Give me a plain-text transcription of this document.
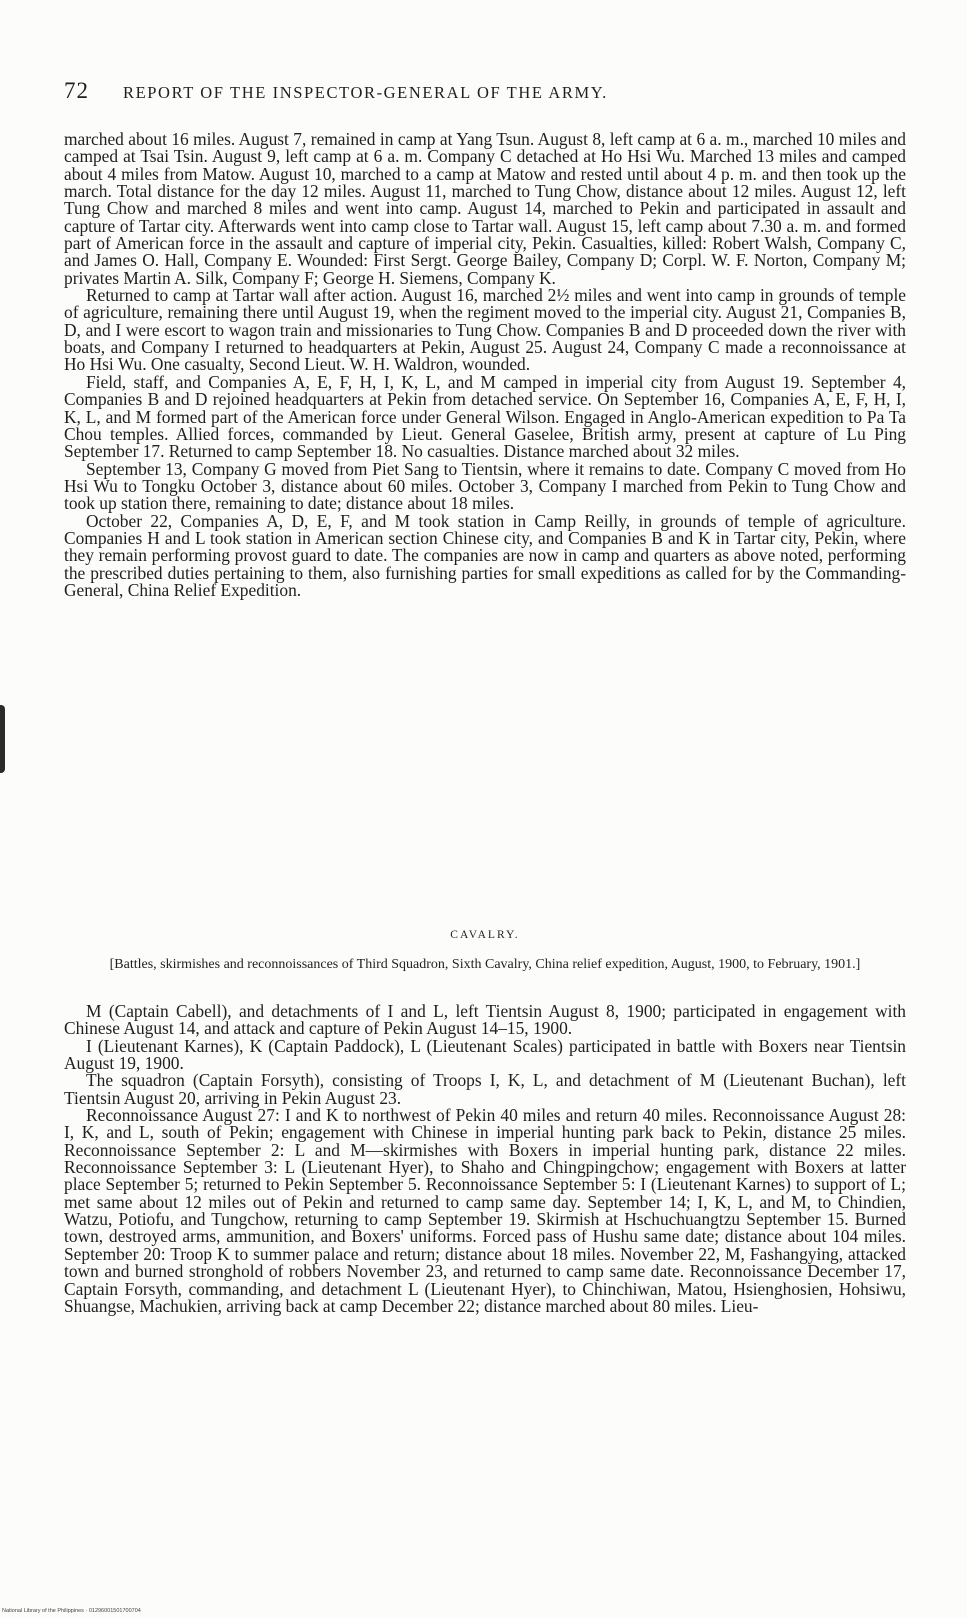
72 REPORT OF THE INSPECTOR-GENERAL OF THE ARMY.

marched about 16 miles. August 7, remained in camp at Yang Tsun. August 8, left camp at 6 a. m., marched 10 miles and camped at Tsai Tsin. August 9, left camp at 6 a. m. Company C detached at Ho Hsi Wu. Marched 13 miles and camped about 4 miles from Matow. August 10, marched to a camp at Matow and rested until about 4 p. m. and then took up the march. Total distance for the day 12 miles. August 11, marched to Tung Chow, distance about 12 miles. August 12, left Tung Chow and marched 8 miles and went into camp. August 14, marched to Pekin and participated in assault and capture of Tartar city. Afterwards went into camp close to Tartar wall. August 15, left camp about 7.30 a. m. and formed part of American force in the assault and capture of imperial city, Pekin. Casualties, killed: Robert Walsh, Company C, and James O. Hall, Company E. Wounded: First Sergt. George Bailey, Company D; Corpl. W. F. Norton, Company M; privates Martin A. Silk, Company F; George H. Siemens, Company K.

Returned to camp at Tartar wall after action. August 16, marched 2½ miles and went into camp in grounds of temple of agriculture, remaining there until August 19, when the regiment moved to the imperial city. August 21, Companies B, D, and I were escort to wagon train and missionaries to Tung Chow. Companies B and D proceeded down the river with boats, and Company I returned to headquarters at Pekin, August 25. August 24, Company C made a reconnoissance at Ho Hsi Wu. One casualty, Second Lieut. W. H. Waldron, wounded.

Field, staff, and Companies A, E, F, H, I, K, L, and M camped in imperial city from August 19. September 4, Companies B and D rejoined headquarters at Pekin from detached service. On September 16, Companies A, E, F, H, I, K, L, and M formed part of the American force under General Wilson. Engaged in Anglo-American expedition to Pa Ta Chou temples. Allied forces, commanded by Lieut. General Gaselee, British army, present at capture of Lu Ping September 17. Returned to camp September 18. No casualties. Distance marched about 32 miles.

September 13, Company G moved from Piet Sang to Tientsin, where it remains to date. Company C moved from Ho Hsi Wu to Tongku October 3, distance about 60 miles. October 3, Company I marched from Pekin to Tung Chow and took up station there, remaining to date; distance about 18 miles.

October 22, Companies A, D, E, F, and M took station in Camp Reilly, in grounds of temple of agriculture. Companies H and L took station in American section Chinese city, and Companies B and K in Tartar city, Pekin, where they remain performing provost guard to date. The companies are now in camp and quarters as above noted, performing the prescribed duties pertaining to them, also furnishing parties for small expeditions as called for by the Commanding-General, China Relief Expedition.

CAVALRY.
[Battles, skirmishes and reconnoissances of Third Squadron, Sixth Cavalry, China relief expedition, August, 1900, to February, 1901.]

M (Captain Cabell), and detachments of I and L, left Tientsin August 8, 1900; participated in engagement with Chinese August 14, and attack and capture of Pekin August 14–15, 1900.

I (Lieutenant Karnes), K (Captain Paddock), L (Lieutenant Scales) participated in battle with Boxers near Tientsin August 19, 1900.

The squadron (Captain Forsyth), consisting of Troops I, K, L, and detachment of M (Lieutenant Buchan), left Tientsin August 20, arriving in Pekin August 23.

Reconnoissance August 27: I and K to northwest of Pekin 40 miles and return 40 miles. Reconnoissance August 28: I, K, and L, south of Pekin; engagement with Chinese in imperial hunting park back to Pekin, distance 25 miles. Reconnoissance September 2: L and M—skirmishes with Boxers in imperial hunting park, distance 22 miles. Reconnoissance September 3: L (Lieutenant Hyer), to Shaho and Chingpingchow; engagement with Boxers at latter place September 5; returned to Pekin September 5. Reconnoissance September 5: I (Lieutenant Karnes) to support of L; met same about 12 miles out of Pekin and returned to camp same day. September 14; I, K, L, and M, to Chindien, Watzu, Potiofu, and Tungchow, returning to camp September 19. Skirmish at Hschuchuangtzu September 15. Burned town, destroyed arms, ammunition, and Boxers' uniforms. Forced pass of Hushu same date; distance about 104 miles. September 20: Troop K to summer palace and return; distance about 18 miles. November 22, M, Fashangying, attacked town and burned stronghold of robbers November 23, and returned to camp same date. Reconnoissance December 17, Captain Forsyth, commanding, and detachment L (Lieutenant Hyer), to Chinchiwan, Matou, Hsienghosien, Hohsiwu, Shuangse, Machukien, arriving back at camp December 22; distance marched about 80 miles. Lieu-

National Library of the Philippines · 01296001501700704
